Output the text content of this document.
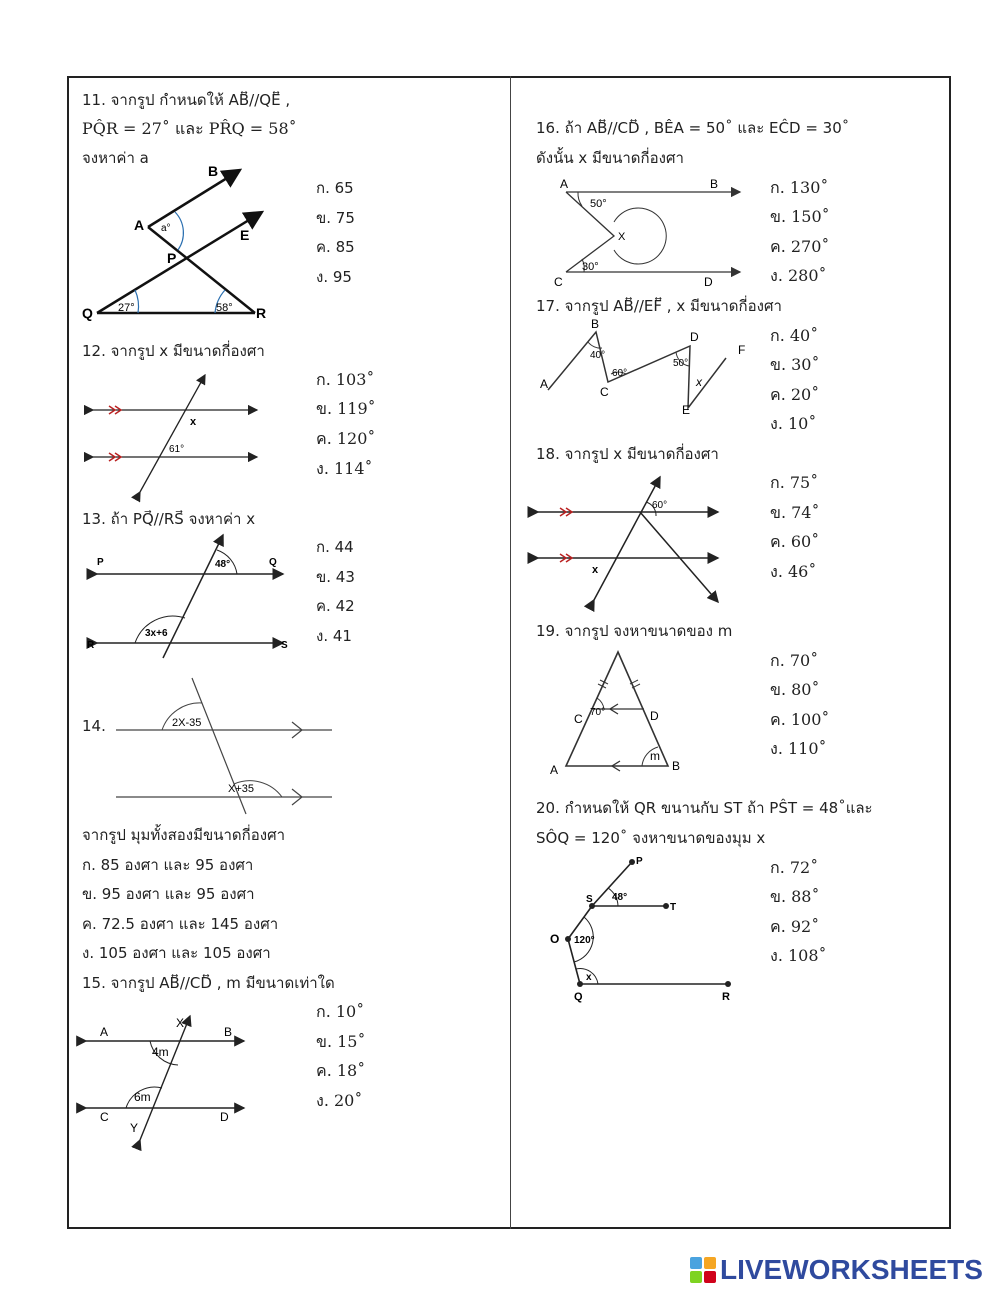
11. จากรูป กำหนดให้ AB⃡//QE⃡ ,
PQ̂R = 27˚ และ PR̂Q = 58˚
จงหาค่า a
B
A a°
P
E
Q	R
27°	58°
ก. 65
ข. 75
ค. 85
ง. 95
12. จากรูป x มีขนาดกี่องศา
x
61°
ก. 103˚
ข. 119˚
ค. 120˚
ง. 114˚
13. ถ้า PQ⃗//RS⃗ จงหาค่า x
P	Q
R	S
48°
3x+6
ก. 44
ข. 43
ค. 42
ง. 41
14.	2X-35
X+35
จากรูป มุมทั้งสองมีขนาดกี่องศา
ก. 85 องศา และ 95 องศา
ข. 95 องศา และ 95 องศา
ค. 72.5 องศา และ 145 องศา
ง. 105 องศา และ 105 องศา
15. จากรูป AB⃡//CD⃡ , m มีขนาดเท่าใด
A	B
C	D
X
Y
4m
6m
ก. 10˚
ข. 15˚
ค. 18˚
ง. 20˚
16. ถ้า AB⃡//CD⃡ , BÊA = 50˚ และ EĈD = 30˚
ดังนั้น x มีขนาดกี่องศา
A	B
C	D
X
50°
30°
ก. 130˚
ข. 150˚
ค. 270˚
ง. 280˚
17. จากรูป AB⃡//EF⃡ , x มีขนาดกี่องศา
A
B
C
D
E
F
x
40°
60°
50°
ก. 40˚
ข. 30˚
ค. 20˚
ง. 10˚
18. จากรูป x มีขนาดกี่องศา
60°
x
ก. 75˚
ข. 74˚
ค. 60˚
ง. 46˚
19. จากรูป จงหาขนาดของ m
C	D
A	B
70°
m
ก. 70˚
ข. 80˚
ค. 100˚
ง. 110˚
20. กำหนดให้ QR ขนานกับ ST ถ้า PŜT = 48˚และ
SÔQ = 120˚ จงหาขนาดของมุม x
P
S
T
O
Q	R
48°
120°
x
ก. 72˚
ข. 88˚
ค. 92˚
ง. 108˚
LIVEWORKSHEETS
